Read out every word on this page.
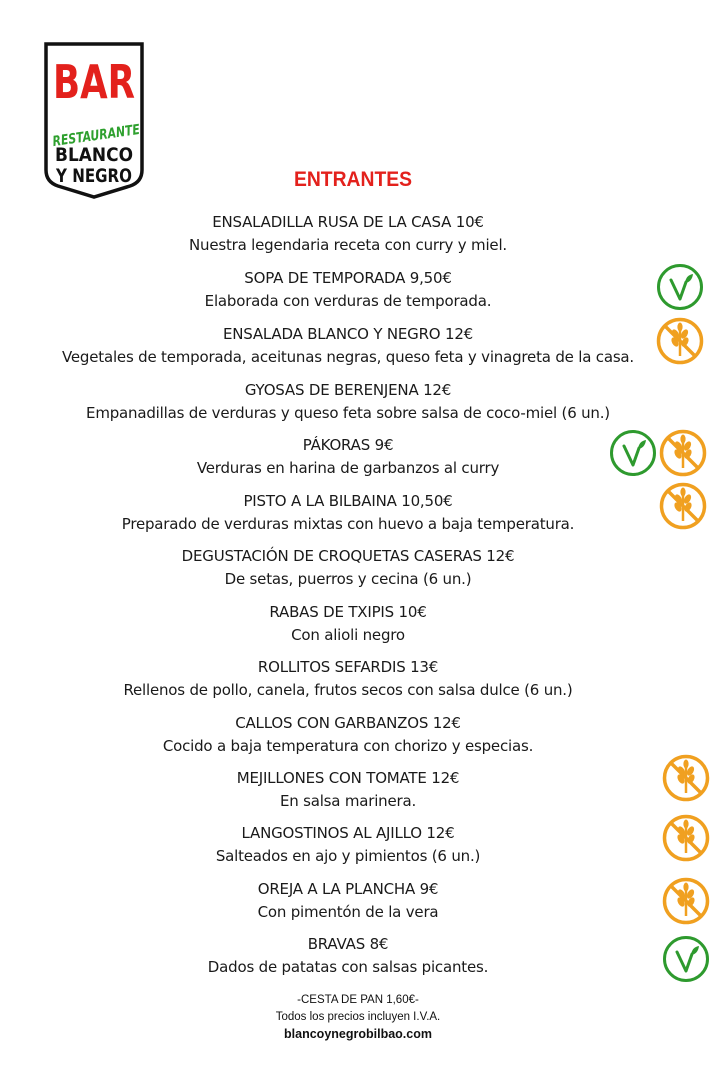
BAR
RESTAURANTE
BLANCO
Y NEGRO	ENTRANTES
ENSALADILLA RUSA DE LA CASA 10€
Nuestra legendaria receta con curry y miel.
SOPA DE TEMPORADA 9,50€
Elaborada con verduras de temporada.
ENSALADA BLANCO Y NEGRO 12€
Vegetales de temporada, aceitunas negras, queso feta y vinagreta de la casa.
GYOSAS DE BERENJENA 12€
Empanadillas de verduras y queso feta sobre salsa de coco-miel (6 un.)
PÁKORAS 9€
Verduras en harina de garbanzos al curry
PISTO A LA BILBAINA 10,50€
Preparado de verduras mixtas con huevo a baja temperatura.
DEGUSTACIÓN DE CROQUETAS CASERAS 12€
De setas, puerros y cecina (6 un.)
RABAS DE TXIPIS 10€
Con alioli negro
ROLLITOS SEFARDIS 13€
Rellenos de pollo, canela, frutos secos con salsa dulce (6 un.)
CALLOS CON GARBANZOS 12€
Cocido a baja temperatura con chorizo y especias.
MEJILLONES CON TOMATE 12€
En salsa marinera.
LANGOSTINOS AL AJILLO 12€
Salteados en ajo y pimientos (6 un.)
OREJA A LA PLANCHA 9€
Con pimentón de la vera
BRAVAS 8€
Dados de patatas con salsas picantes.
-CESTA DE PAN 1,60€-
Todos los precios incluyen I.V.A.
blancoynegrobilbao.com
